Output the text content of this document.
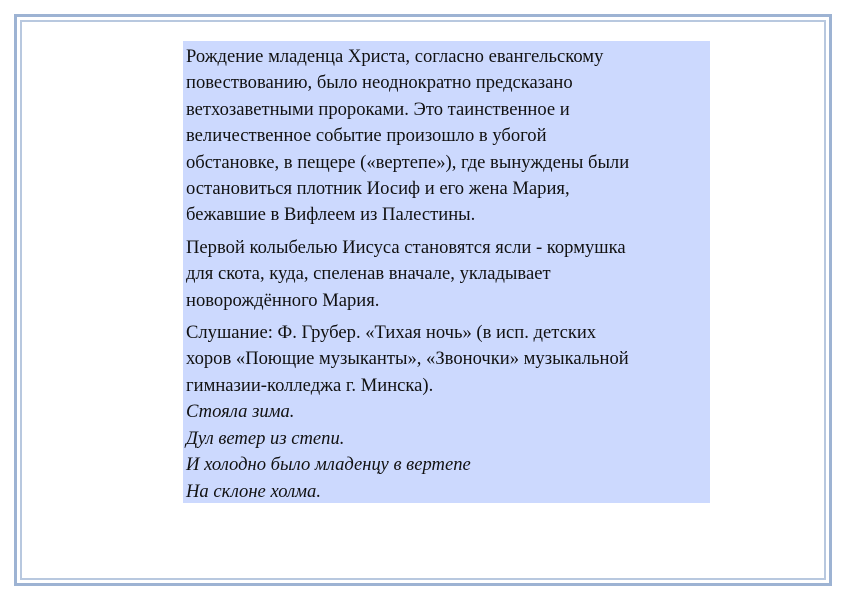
Рождение младенца Христа, согласно евангельскому
повествованию, было неоднократно предсказано
ветхозаветными пророками. Это таинственное и
величественное событие произошло в убогой
обстановке, в пещере («вертепе»), где вынуждены были
остановиться плотник Иосиф и его жена Мария,
бежавшие в Вифлеем из Палестины.

Первой колыбелью Иисуса становятся ясли - кормушка
для скота, куда, спеленав вначале, укладывает
новорождённого Мария.

Слушание: Ф. Грубер. «Тихая ночь» (в исп. детских
хоров «Поющие музыканты», «Звоночки» музыкальной
гимназии-колледжа г. Минска).
Стояла зима.
Дул ветер из степи.
И холодно было младенцу в вертепе
На склоне холма.
